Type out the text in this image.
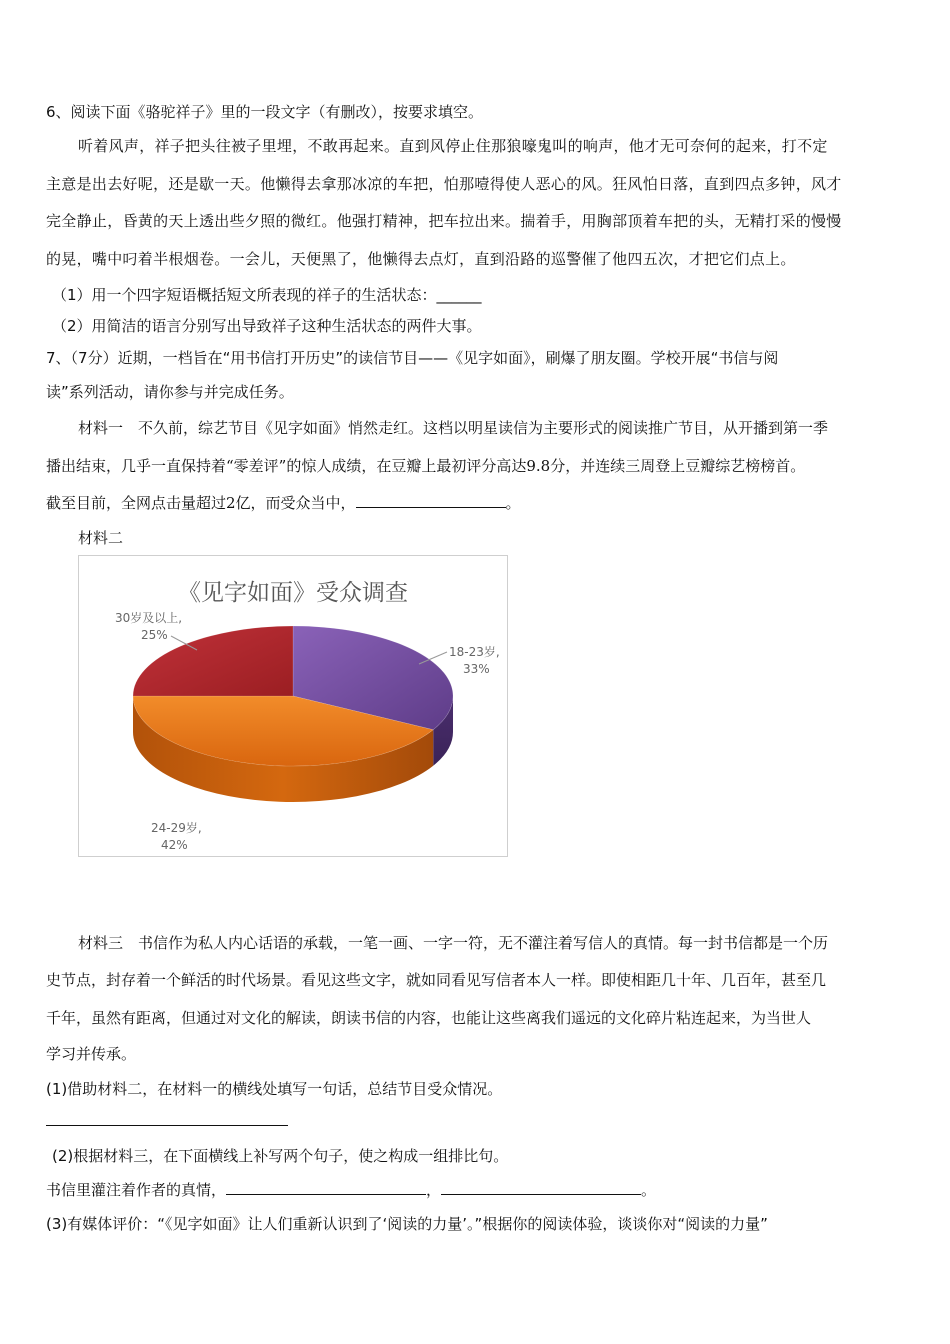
6、阅读下面《骆驼祥子》里的一段文字（有删改），按要求填空。
听着风声，祥子把头往被子里埋，不敢再起来。直到风停止住那狼嚎鬼叫的响声，他才无可奈何的起来，打不定
主意是出去好呢，还是歇一天。他懒得去拿那冰凉的车把，怕那噎得使人恶心的风。狂风怕日落，直到四点多钟，风才
完全静止，昏黄的天上透出些夕照的微红。他强打精神，把车拉出来。揣着手，用胸部顶着车把的头，无精打采的慢慢
的晃，嘴中叼着半根烟卷。一会儿，天便黑了，他懒得去点灯，直到沿路的巡警催了他四五次，才把它们点上。
（1）用一个四字短语概括短文所表现的祥子的生活状态：______
（2）用简洁的语言分别写出导致祥子这种生活状态的两件大事。
7、（7分）近期，一档旨在“用书信打开历史”的读信节目——《见字如面》，刷爆了朋友圈。学校开展“书信与阅
读”系列活动，请你参与并完成任务。
材料一　不久前，综艺节目《见字如面》悄然走红。这档以明星读信为主要形式的阅读推广节目，从开播到第一季
播出结束，几乎一直保持着“零差评”的惊人成绩，在豆瓣上最初评分高达9.8分，并连续三周登上豆瓣综艺榜榜首。
截至目前，全网点击量超过2亿，而受众当中，	。
材料二
《见字如面》受众调查
18-23岁,
33%
24-29岁,
42%
30岁及以上,
25%
材料三　书信作为私人内心话语的承载，一笔一画、一字一符，无不灌注着写信人的真情。每一封书信都是一个历
史节点，封存着一个鲜活的时代场景。看见这些文字，就如同看见写信者本人一样。即使相距几十年、几百年，甚至几
千年，虽然有距离，但通过对文化的解读，朗读书信的内容，也能让这些离我们遥远的文化碎片粘连起来，为当世人
学习并传承。
(1)借助材料二，在材料一的横线处填写一句话，总结节目受众情况。
(2)根据材料三，在下面横线上补写两个句子，使之构成一组排比句。
书信里灌注着作者的真情，	，	。
(3)有媒体评价：“《见字如面》让人们重新认识到了‘阅读的力量’。”根据你的阅读体验，谈谈你对“阅读的力量”
